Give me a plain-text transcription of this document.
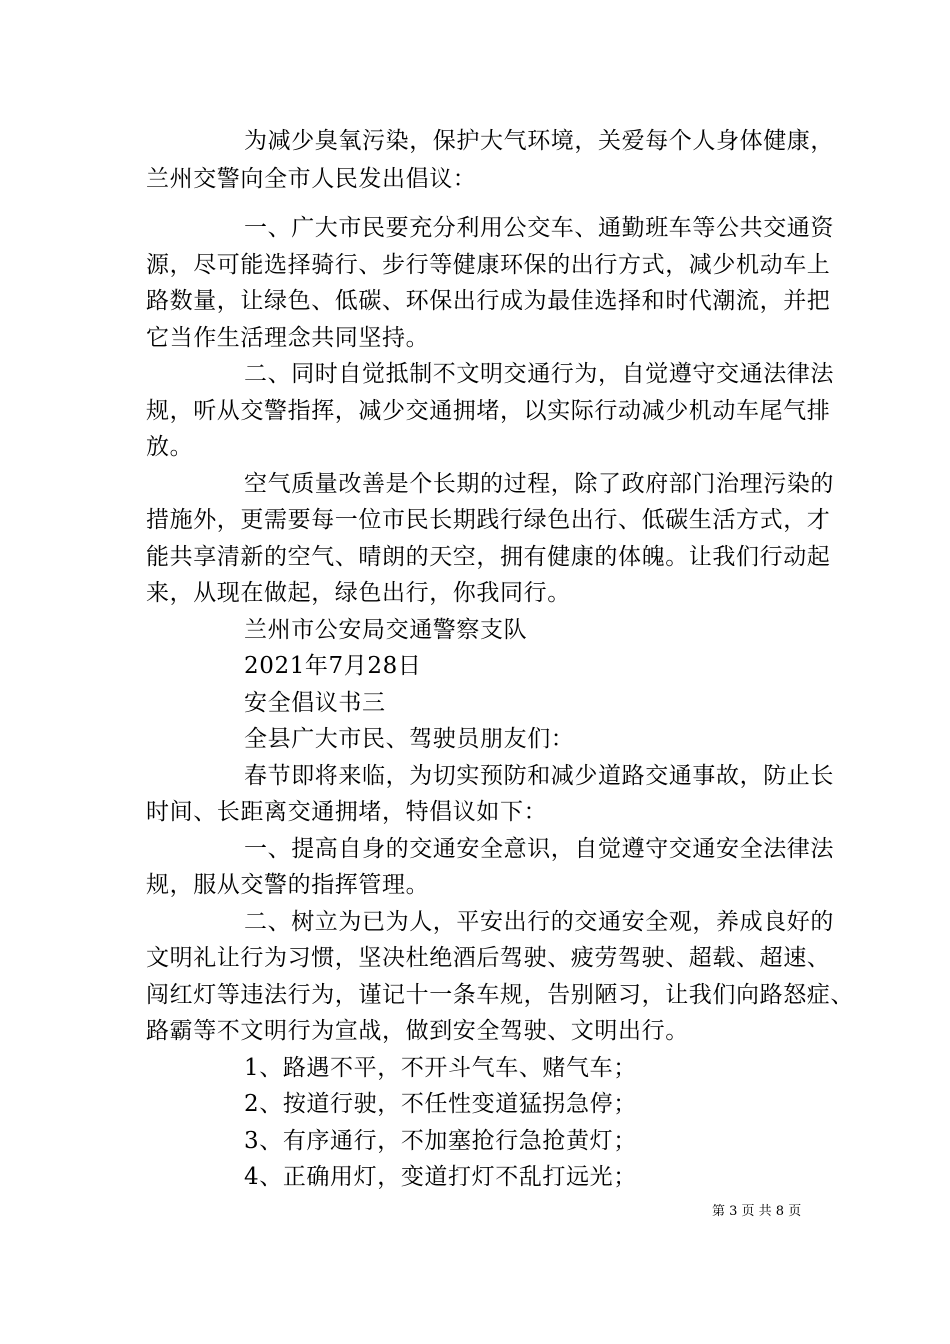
为减少臭氧污染，保护大气环境，关爱每个人身体健康，
兰州交警向全市人民发出倡议：
一、广大市民要充分利用公交车、通勤班车等公共交通资
源，尽可能选择骑行、步行等健康环保的出行方式，减少机动车上
路数量，让绿色、低碳、环保出行成为最佳选择和时代潮流，并把
它当作生活理念共同坚持。
二、同时自觉抵制不文明交通行为，自觉遵守交通法律法
规，听从交警指挥，减少交通拥堵，以实际行动减少机动车尾气排
放。
空气质量改善是个长期的过程，除了政府部门治理污染的
措施外，更需要每一位市民长期践行绿色出行、低碳生活方式，才
能共享清新的空气、晴朗的天空，拥有健康的体魄。让我们行动起
来，从现在做起，绿色出行，你我同行。
兰州市公安局交通警察支队
2021年7月28日
安全倡议书三
全县广大市民、驾驶员朋友们：
春节即将来临，为切实预防和减少道路交通事故，防止长
时间、长距离交通拥堵，特倡议如下：
一、提高自身的交通安全意识，自觉遵守交通安全法律法
规，服从交警的指挥管理。
二、树立为已为人，平安出行的交通安全观，养成良好的
文明礼让行为习惯，坚决杜绝酒后驾驶、疲劳驾驶、超载、超速、
闯红灯等违法行为，谨记十一条车规，告别陋习，让我们向路怒症、
路霸等不文明行为宣战，做到安全驾驶、文明出行。
1、路遇不平，不开斗气车、赌气车；
2、按道行驶，不任性变道猛拐急停；
3、有序通行，不加塞抢行急抢黄灯；
4、正确用灯，变道打灯不乱打远光；
第 3 页 共 8 页
